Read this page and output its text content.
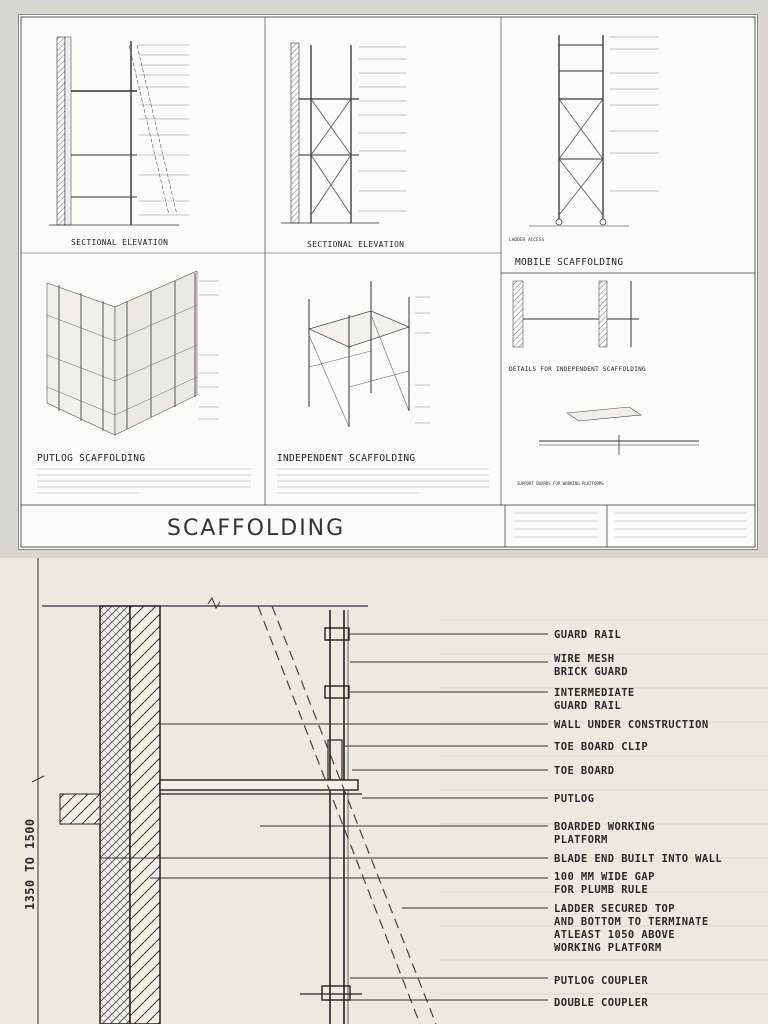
SECTIONAL ELEVATION	SECTIONAL ELEVATION	LADDER ACCESS
MOBILE SCAFFOLDING
PUTLOG SCAFFOLDING	INDEPENDENT SCAFFOLDING
DETAILS FOR INDEPENDENT SCAFFOLDING
SUPPORT BOARDS FOR WORKING PLATFORMS
SCAFFOLDING
1350 TO 1500
GUARD RAIL
WIRE MESH BRICK GUARD
INTERMEDIATE GUARD RAIL
WALL UNDER CONSTRUCTION
TOE BOARD CLIP
TOE BOARD
PUTLOG
BOARDED WORKING PLATFORM
BLADE END BUILT INTO WALL
100 MM WIDE GAP FOR PLUMB RULE
LADDER SECURED TOP AND BOTTOM TO TERMINATE ATLEAST 1050 ABOVE WORKING PLATFORM
PUTLOG COUPLER
DOUBLE COUPLER
